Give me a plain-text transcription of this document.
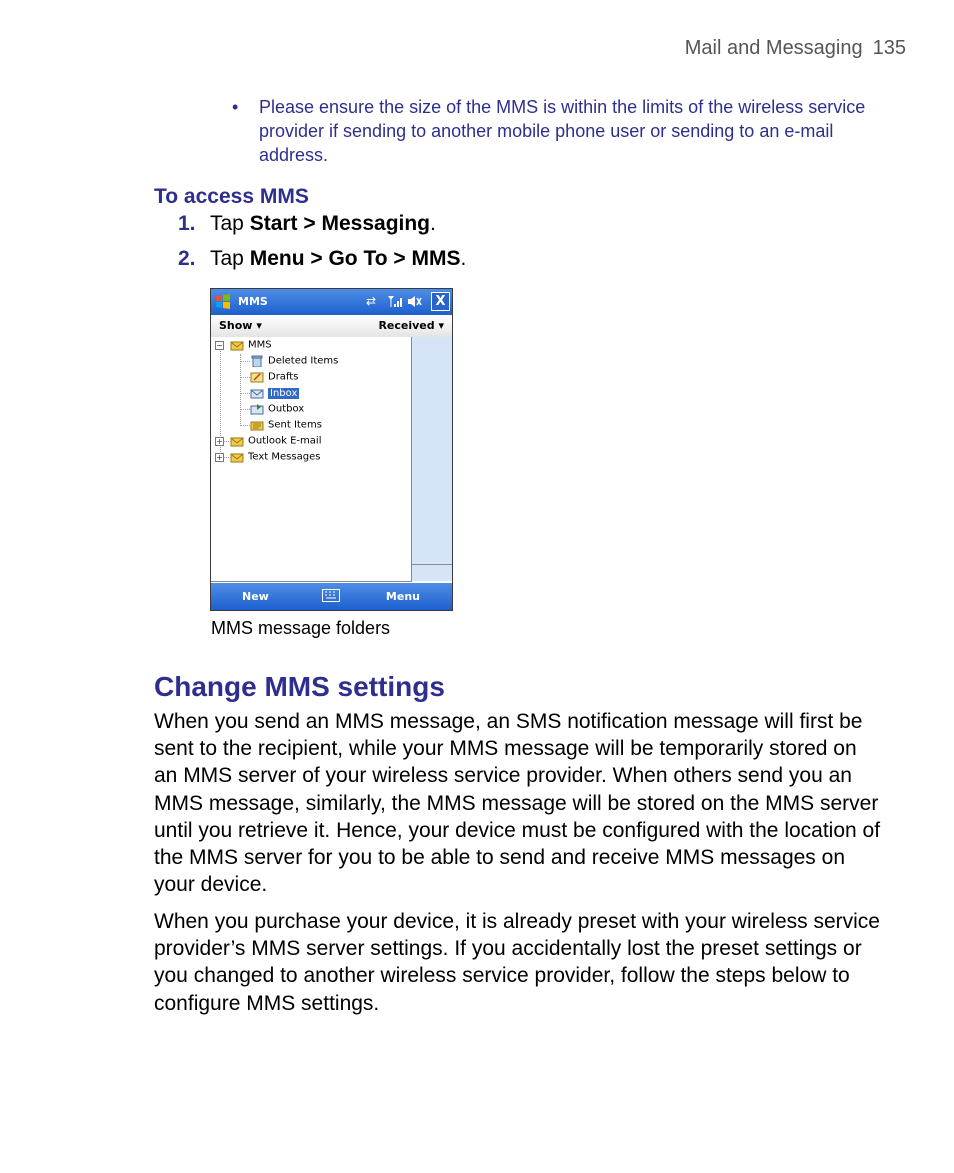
Mail and Messaging 135
• Please ensure the size of the MMS is within the limits of the wireless service provider if sending to another mobile phone user or sending to an e-mail address.
To access MMS
1. Tap Start > Messaging.
2. Tap Menu > Go To > MMS.
MMS	⇄	X
Show ▾	Received ▾
−
+
+
MMS
Deleted Items
Drafts
Inbox
Outbox
Sent Items
Outlook E-mail
Text Messages
New	Menu
MMS message folders
Change MMS settings
When you send an MMS message, an SMS notification message will first be sent to the recipient, while your MMS message will be temporarily stored on an MMS server of your wireless service provider. When others send you an MMS message, similarly, the MMS message will be stored on the MMS server until you retrieve it. Hence, your device must be configured with the location of the MMS server for you to be able to send and receive MMS messages on your device.
When you purchase your device, it is already preset with your wireless service provider’s MMS server settings. If you accidentally lost the preset settings or you changed to another wireless service provider, follow the steps below to configure MMS settings.
